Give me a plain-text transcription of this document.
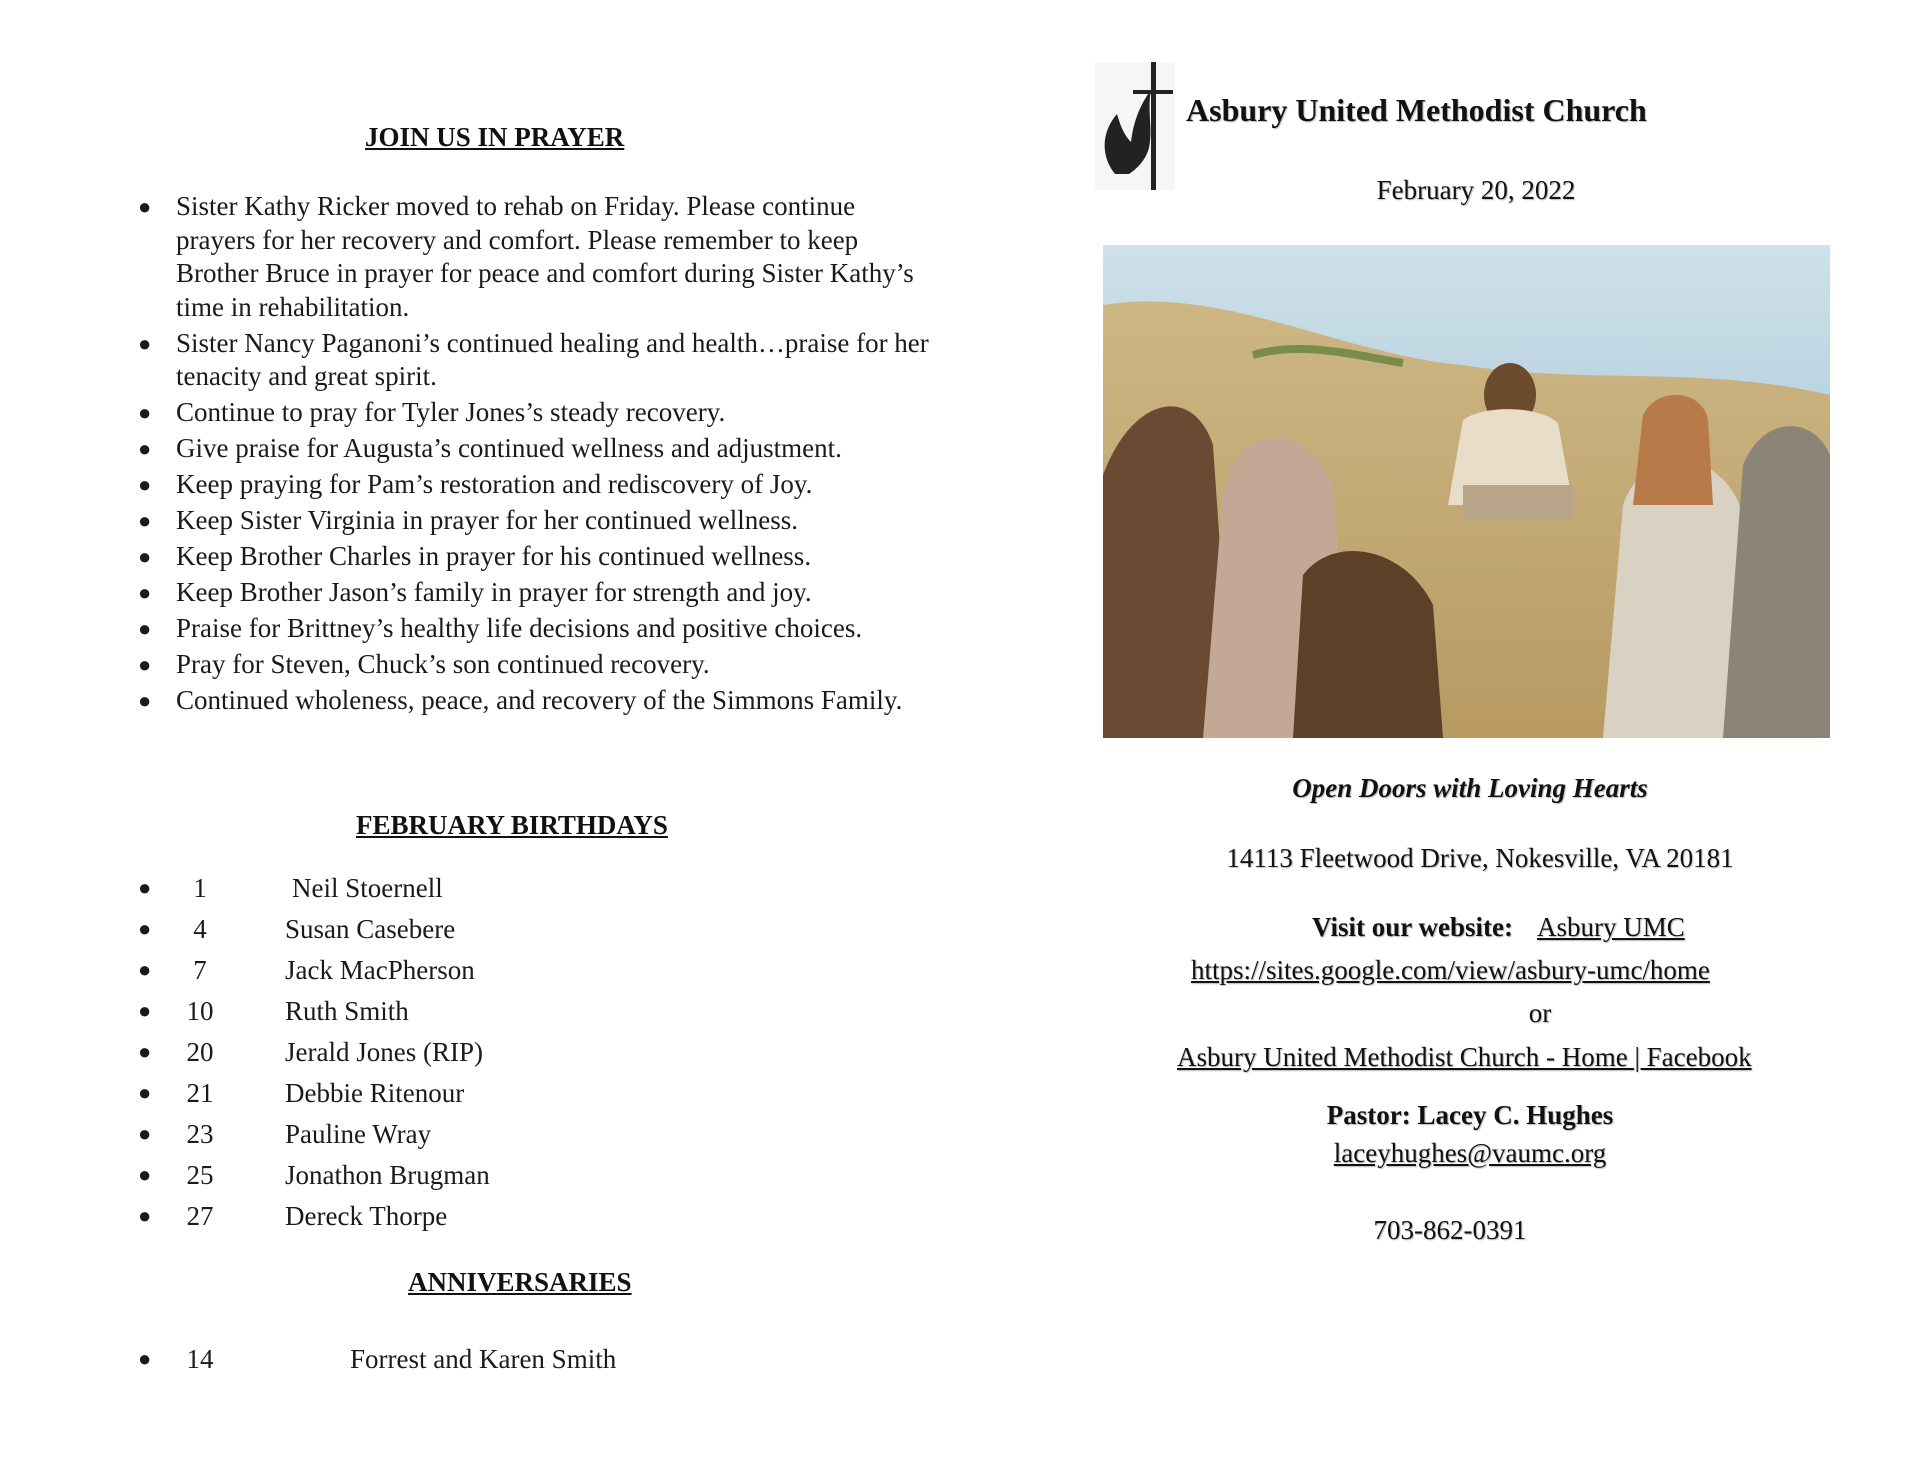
JOIN US IN PRAYER
● Sister Kathy Ricker moved to rehab on Friday. Please continue prayers for her recovery and comfort. Please remember to keep Brother Bruce in prayer for peace and comfort during Sister Kathy’s time in rehabilitation.
● Sister Nancy Paganoni’s continued healing and health…praise for her tenacity and great spirit.
● Continue to pray for Tyler Jones’s steady recovery.
● Give praise for Augusta’s continued wellness and adjustment.
● Keep praying for Pam’s restoration and rediscovery of Joy.
● Keep Sister Virginia in prayer for her continued wellness.
● Keep Brother Charles in prayer for his continued wellness.
● Keep Brother Jason’s family in prayer for strength and joy.
● Praise for Brittney’s healthy life decisions and positive choices.
● Pray for Steven, Chuck’s son continued recovery.
● Continued wholeness, peace, and recovery of the Simmons Family.
FEBRUARY BIRTHDAYS
●	1	Neil Stoernell
●	4	Susan Casebere
●	7	Jack MacPherson
●	10	Ruth Smith
●	20	Jerald Jones (RIP)
●	21	Debbie Ritenour
●	23	Pauline Wray
●	25	Jonathon Brugman
●	27	Dereck Thorpe
ANNIVERSARIES
●	14	Forrest and Karen Smith
Asbury United Methodist Church
February 20, 2022
Open Doors with Loving Hearts
14113 Fleetwood Drive, Nokesville, VA 20181
Visit our website: Asbury UMC
https://sites.google.com/view/asbury-umc/home
or
Asbury United Methodist Church - Home | Facebook
Pastor: Lacey C. Hughes
laceyhughes@vaumc.org
703-862-0391
